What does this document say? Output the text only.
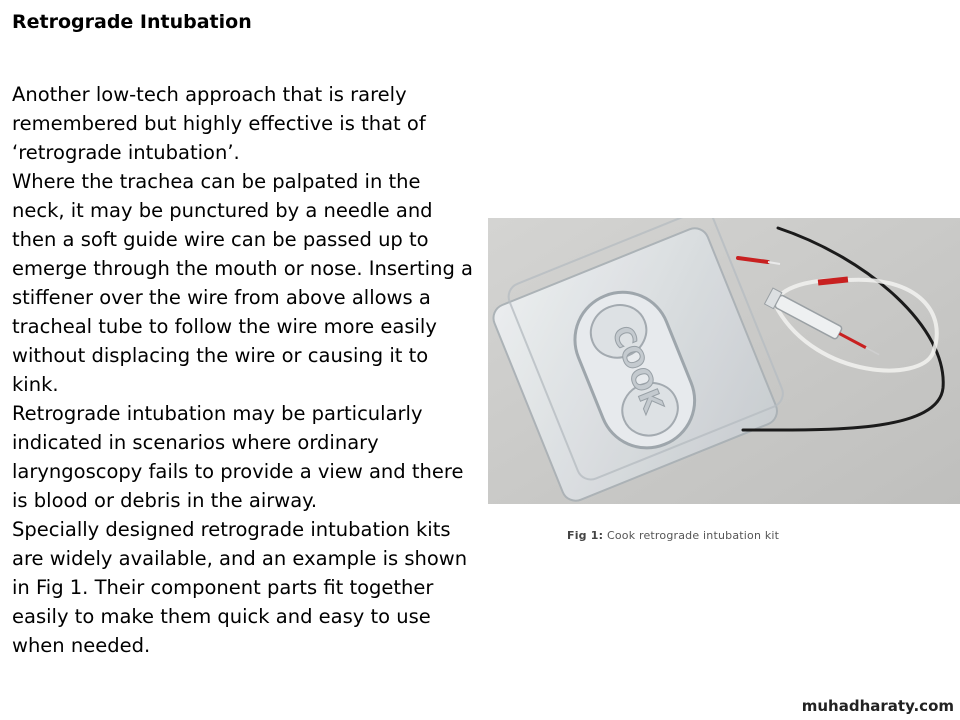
Retrograde Intubation

Another low-tech approach that is rarely
remembered but highly effective is that of
‘retrograde intubation’.

Where the trachea can be palpated in the
neck, it may be punctured by a needle and
then a soft guide wire can be passed up to
emerge through the mouth or nose. Inserting a
stiffener over the wire from above allows a
tracheal tube to follow the wire more easily
without displacing the wire or causing it to
kink.

Retrograde intubation may be particularly
indicated in scenarios where ordinary
laryngoscopy fails to provide a view and there
is blood or debris in the airway.

Specially designed retrograde intubation kits
are widely available, and an example is shown
in Fig 1. Their component parts fit together
easily to make them quick and easy to use
when needed.

COOK
Fig 1: Cook retrograde intubation kit
muhadharaty.com
